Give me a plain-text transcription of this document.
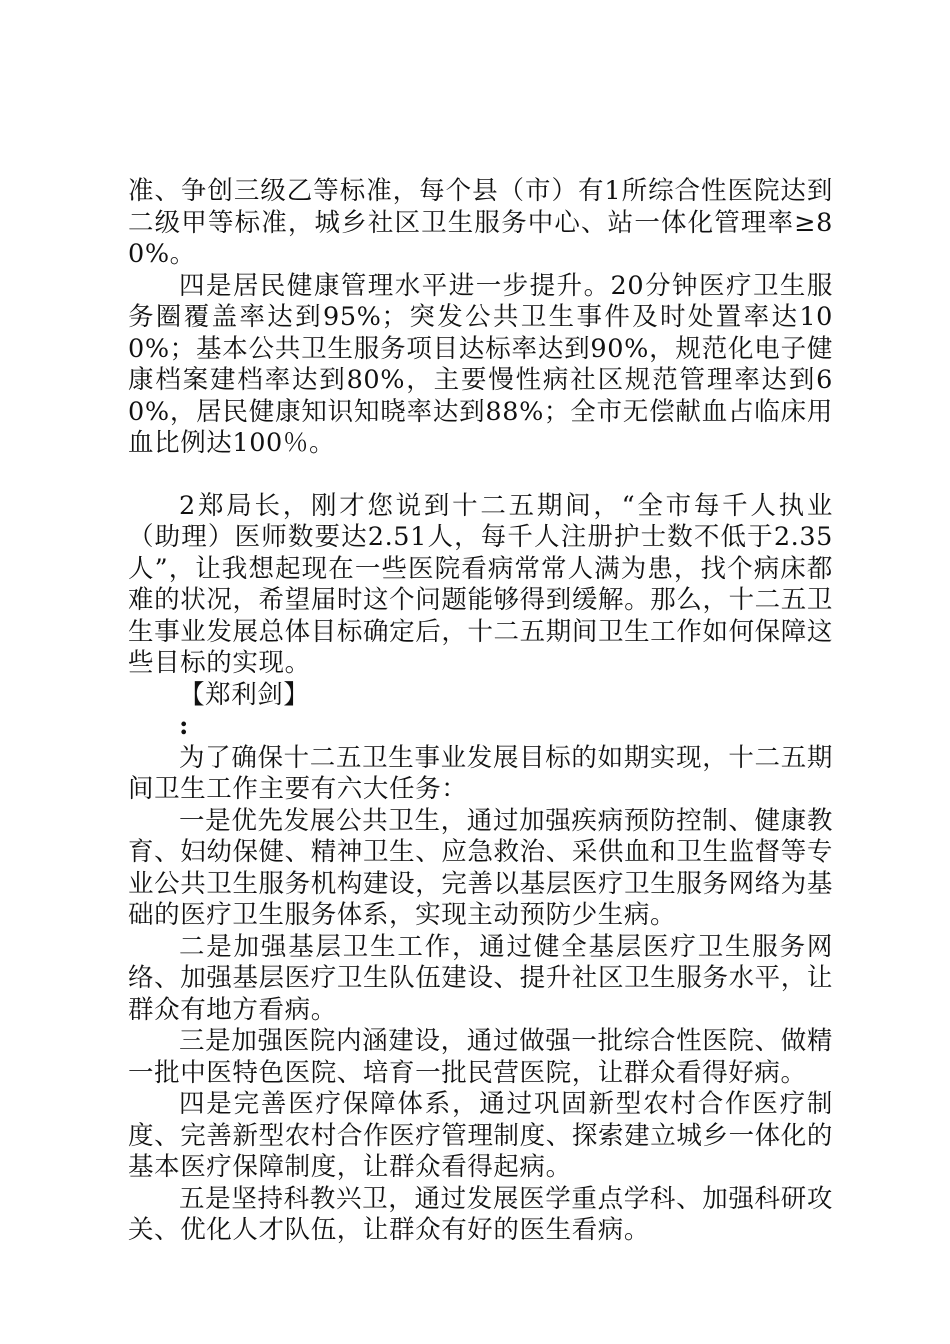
准、争创三级乙等标准，每个县（市）有1所综合性医院达到二级甲等标准，城乡社区卫生服务中心、站一体化管理率≥80%。

四是居民健康管理水平进一步提升。20分钟医疗卫生服务圈覆盖率达到95%；突发公共卫生事件及时处置率达100%；基本公共卫生服务项目达标率达到90%，规范化电子健康档案建档率达到80%，主要慢性病社区规范管理率达到60%，居民健康知识知晓率达到88%；全市无偿献血占临床用血比例达100％。

2郑局长，刚才您说到十二五期间，“全市每千人执业（助理）医师数要达2.51人，每千人注册护士数不低于2.35人”，让我想起现在一些医院看病常常人满为患，找个病床都难的状况，希望届时这个问题能够得到缓解。那么，十二五卫生事业发展总体目标确定后，十二五期间卫生工作如何保障这些目标的实现。

【郑利剑】

:

为了确保十二五卫生事业发展目标的如期实现，十二五期间卫生工作主要有六大任务：

一是优先发展公共卫生，通过加强疾病预防控制、健康教育、妇幼保健、精神卫生、应急救治、采供血和卫生监督等专业公共卫生服务机构建设，完善以基层医疗卫生服务网络为基础的医疗卫生服务体系，实现主动预防少生病。

二是加强基层卫生工作，通过健全基层医疗卫生服务网络、加强基层医疗卫生队伍建设、提升社区卫生服务水平，让群众有地方看病。

三是加强医院内涵建设，通过做强一批综合性医院、做精一批中医特色医院、培育一批民营医院，让群众看得好病。

四是完善医疗保障体系，通过巩固新型农村合作医疗制度、完善新型农村合作医疗管理制度、探索建立城乡一体化的基本医疗保障制度，让群众看得起病。

五是坚持科教兴卫，通过发展医学重点学科、加强科研攻关、优化人才队伍，让群众有好的医生看病。
